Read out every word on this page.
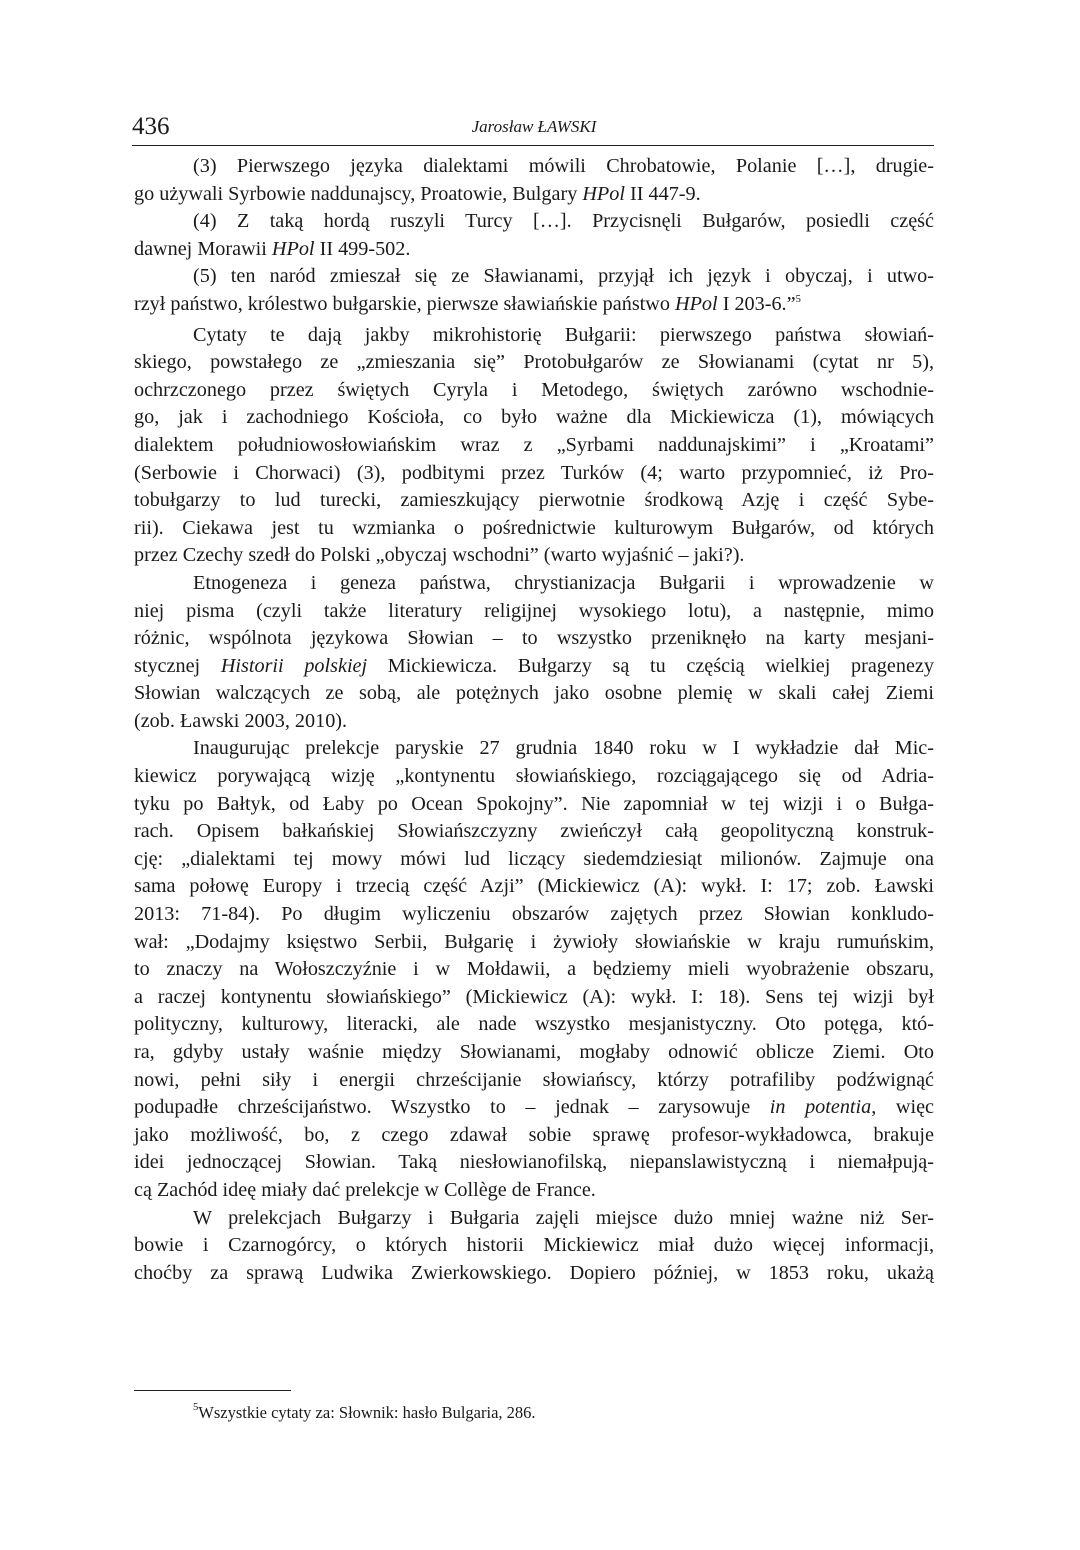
436	Jarosław ŁAWSKI
(3) Pierwszego języka dialektami mówili Chrobatowie, Polanie […], drugie-
go używali Syrbowie naddunajscy, Proatowie, Bulgary HPol II 447-9.
(4) Z taką hordą ruszyli Turcy […]. Przycisnęli Bułgarów, posiedli część
dawnej Morawii HPol II 499-502.
(5) ten naród zmieszał się ze Sławianami, przyjął ich język i obyczaj, i utwo-
rzył państwo, królestwo bułgarskie, pierwsze sławiańskie państwo HPol I 203-6.”$^5$
Cytaty te dają jakby mikrohistorię Bułgarii: pierwszego państwa słowiań-
skiego, powstałego ze „zmieszania się” Protobułgarów ze Słowianami (cytat nr 5),
ochrzczonego przez świętych Cyryla i Metodego, świętych zarówno wschodnie-
go, jak i zachodniego Kościoła, co było ważne dla Mickiewicza (1), mówiących
dialektem południowosłowiańskim wraz z „Syrbami naddunajskimi” i „Kroatami”
(Serbowie i Chorwaci) (3), podbitymi przez Turków (4; warto przypomnieć, iż Pro-
tobułgarzy to lud turecki, zamieszkujący pierwotnie środkową Azję i część Sybe-
rii). Ciekawa jest tu wzmianka o pośrednictwie kulturowym Bułgarów, od których
przez Czechy szedł do Polski „obyczaj wschodni” (warto wyjaśnić – jaki?).
Etnogeneza i geneza państwa, chrystianizacja Bułgarii i wprowadzenie w
niej pisma (czyli także literatury religijnej wysokiego lotu), a następnie, mimo
różnic, wspólnota językowa Słowian – to wszystko przeniknęło na karty mesjani-
stycznej Historii polskiej Mickiewicza. Bułgarzy są tu częścią wielkiej pragenezy
Słowian walczących ze sobą, ale potężnych jako osobne plemię w skali całej Ziemi
(zob. Ławski 2003, 2010).
Inaugurując prelekcje paryskie 27 grudnia 1840 roku w I wykładzie dał Mic-
kiewicz porywającą wizję „kontynentu słowiańskiego, rozciągającego się od Adria-
tyku po Bałtyk, od Łaby po Ocean Spokojny”. Nie zapomniał w tej wizji i o Bułga-
rach. Opisem bałkańskiej Słowiańszczyzny zwieńczył całą geopolityczną konstruk-
cję: „dialektami tej mowy mówi lud liczący siedemdziesiąt milionów. Zajmuje ona
sama połowę Europy i trzecią część Azji” (Mickiewicz (A): wykł. I: 17; zob. Ławski
2013: 71-84). Po długim wyliczeniu obszarów zajętych przez Słowian konkludo-
wał: „Dodajmy księstwo Serbii, Bułgarię i żywioły słowiańskie w kraju rumuńskim,
to znaczy na Wołoszczyźnie i w Mołdawii, a będziemy mieli wyobrażenie obszaru,
a raczej kontynentu słowiańskiego” (Mickiewicz (A): wykł. I: 18). Sens tej wizji był
polityczny, kulturowy, literacki, ale nade wszystko mesjanistyczny. Oto potęga, któ-
ra, gdyby ustały waśnie między Słowianami, mogłaby odnowić oblicze Ziemi. Oto
nowi, pełni siły i energii chrześcijanie słowiańscy, którzy potrafiliby podźwignąć
podupadłe chrześcijaństwo. Wszystko to – jednak – zarysowuje in potentia, więc
jako możliwość, bo, z czego zdawał sobie sprawę profesor-wykładowca, brakuje
idei jednoczącej Słowian. Taką niesłowianofilską, niepanslawistyczną i niemałpują-
cą Zachód ideę miały dać prelekcje w Collège de France.
W prelekcjach Bułgarzy i Bułgaria zajęli miejsce dużo mniej ważne niż Ser-
bowie i Czarnogórcy, o których historii Mickiewicz miał dużo więcej informacji,
choćby za sprawą Ludwika Zwierkowskiego. Dopiero później, w 1853 roku, ukażą
$^5$Wszystkie cytaty za: Słownik: hasło Bulgaria, 286.
